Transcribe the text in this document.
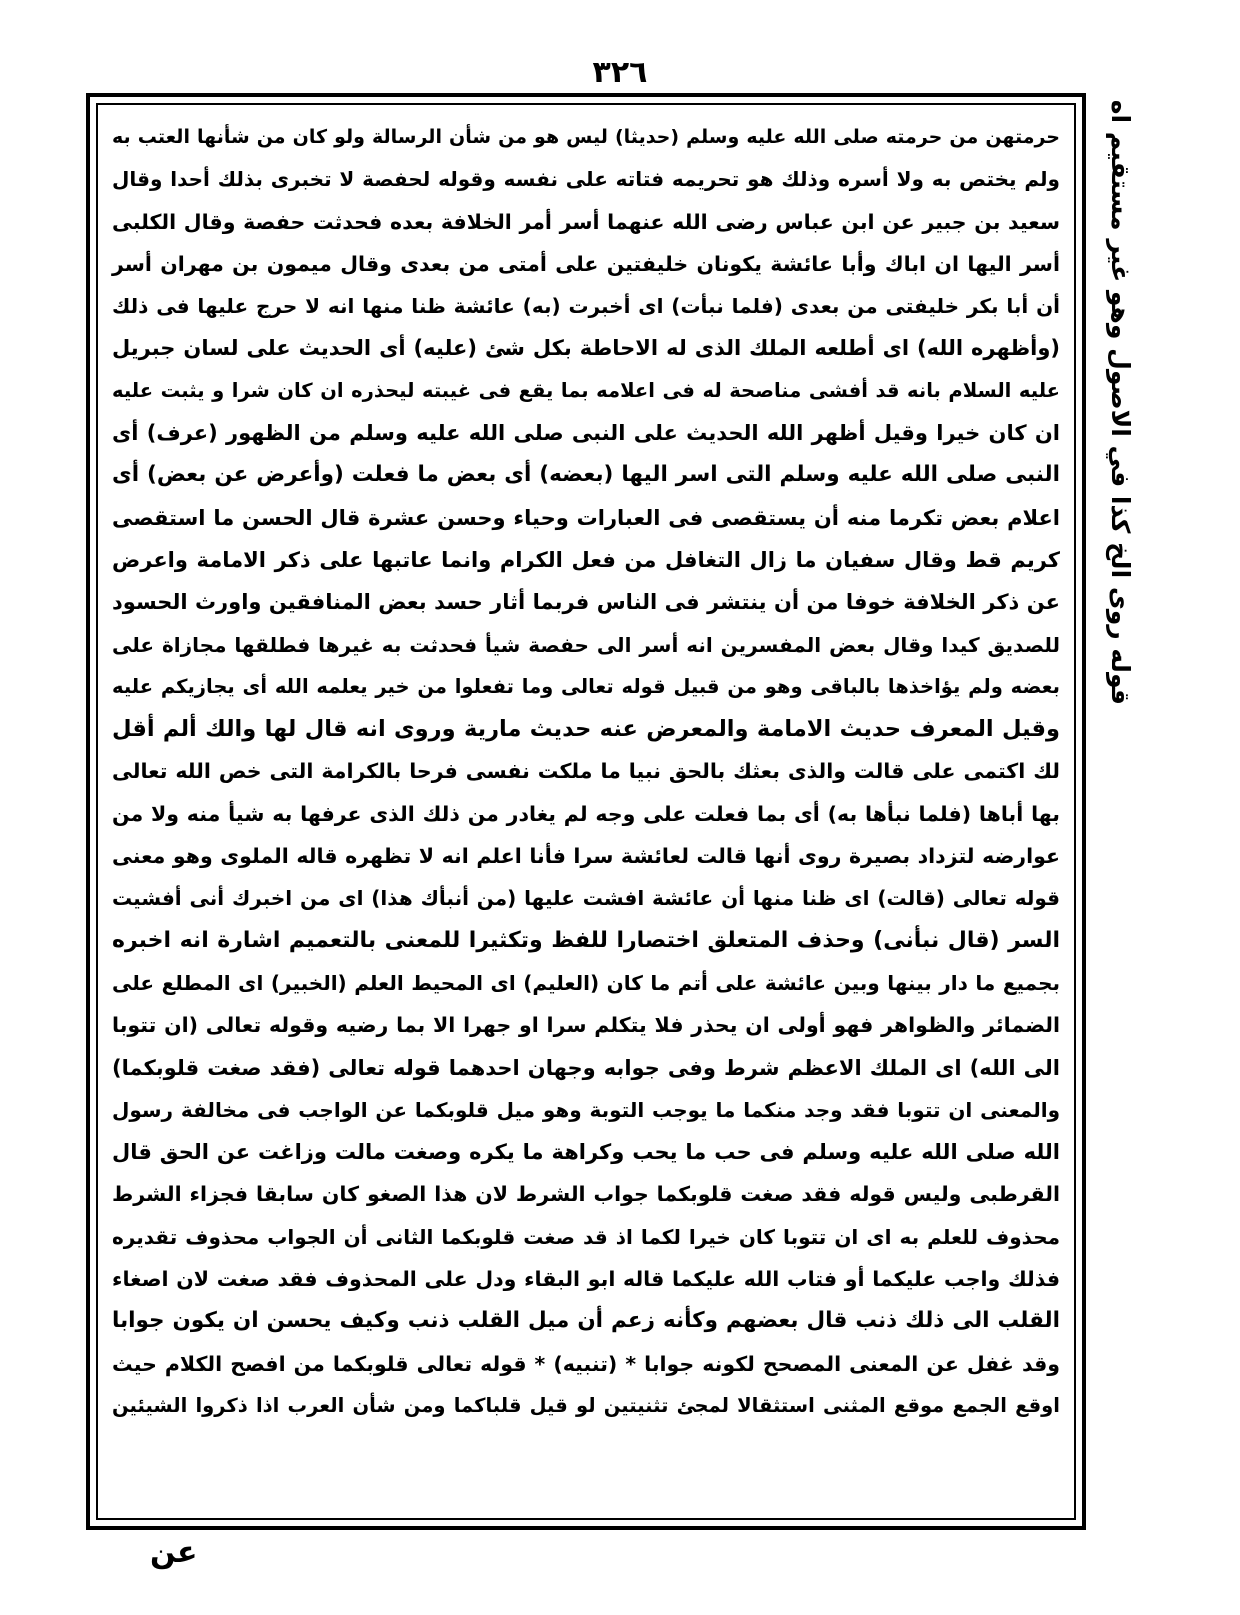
٣٢٦
حرمتهن من حرمته صلى الله عليه وسلم (حديثا) ليس هو من شأن الرسالة ولو كان من شأنها العتب به
ولم يختص به ولا أسره وذلك هو تحريمه فتاته على نفسه وقوله لحفصة لا تخبرى بذلك أحدا وقال
سعيد بن جبير عن ابن عباس رضى الله عنهما أسر أمر الخلافة بعده فحدثت حفصة وقال الكلبى
أسر اليها ان اباك وأبا عائشة يكونان خليفتين على أمتى من بعدى وقال ميمون بن مهران أسر
أن أبا بكر خليفتى من بعدى (فلما نبأت) اى أخبرت (به) عائشة ظنا منها انه لا حرج عليها فى ذلك
(وأظهره الله) اى أطلعه الملك الذى له الاحاطة بكل شئ (عليه) أى الحديث على لسان جبريل
عليه السلام بانه قد أفشى مناصحة له فى اعلامه بما يقع فى غيبته ليحذره ان كان شرا و يثبت عليه
ان كان خيرا وقيل أظهر الله الحديث على النبى صلى الله عليه وسلم من الظهور (عرف) أى
النبى صلى الله عليه وسلم التى اسر اليها (بعضه) أى بعض ما فعلت (وأعرض عن بعض) أى
اعلام بعض تكرما منه أن يستقصى فى العبارات وحياء وحسن عشرة قال الحسن ما استقصى
كريم قط وقال سفيان ما زال التغافل من فعل الكرام وانما عاتبها على ذكر الامامة واعرض
عن ذكر الخلافة خوفا من أن ينتشر فى الناس فربما أثار حسد بعض المنافقين واورث الحسود
للصديق كيدا وقال بعض المفسرين انه أسر الى حفصة شيأ فحدثت به غيرها فطلقها مجازاة على
بعضه ولم يؤاخذها بالباقى وهو من قبيل قوله تعالى وما تفعلوا من خير يعلمه الله أى يجازيكم عليه
وقيل المعرف حديث الامامة والمعرض عنه حديث مارية وروى انه قال لها والك ألم أقل
لك اكتمى على قالت والذى بعثك بالحق نبيا ما ملكت نفسى فرحا بالكرامة التى خص الله تعالى
بها أباها (فلما نبأها به) أى بما فعلت على وجه لم يغادر من ذلك الذى عرفها به شيأ منه ولا من
عوارضه لتزداد بصيرة روى أنها قالت لعائشة سرا فأنا اعلم انه لا تظهره قاله الملوى وهو معنى
قوله تعالى (قالت) اى ظنا منها أن عائشة افشت عليها (من أنبأك هذا) اى من اخبرك أنى أفشيت
السر (قال نبأنى) وحذف المتعلق اختصارا للفظ وتكثيرا للمعنى بالتعميم اشارة انه اخبره
بجميع ما دار بينها وبين عائشة على أتم ما كان (العليم) اى المحيط العلم (الخبير) اى المطلع على
الضمائر والظواهر فهو أولى ان يحذر فلا يتكلم سرا او جهرا الا بما رضيه وقوله تعالى (ان تتوبا
الى الله) اى الملك الاعظم شرط وفى جوابه وجهان احدهما قوله تعالى (فقد صغت قلوبكما)
والمعنى ان تتوبا فقد وجد منكما ما يوجب التوبة وهو ميل قلوبكما عن الواجب فى مخالفة رسول
الله صلى الله عليه وسلم فى حب ما يحب وكراهة ما يكره وصغت مالت وزاغت عن الحق قال
القرطبى وليس قوله فقد صغت قلوبكما جواب الشرط لان هذا الصغو كان سابقا فجزاء الشرط
محذوف للعلم به اى ان تتوبا كان خيرا لكما اذ قد صغت قلوبكما الثانى أن الجواب محذوف تقديره
فذلك واجب عليكما أو فتاب الله عليكما قاله ابو البقاء ودل على المحذوف فقد صغت لان اصغاء
القلب الى ذلك ذنب قال بعضهم وكأنه زعم أن ميل القلب ذنب وكيف يحسن ان يكون جوابا
وقد غفل عن المعنى المصحح لكونه جوابا * (تنبيه) * قوله تعالى قلوبكما من افصح الكلام حيث
اوقع الجمع موقع المثنى استثقالا لمجئ تثنيتين لو قيل قلباكما ومن شأن العرب اذا ذكروا الشيئين
قوله روى الخ كذا في الاصول وهو غير مستقيم اه
عن
